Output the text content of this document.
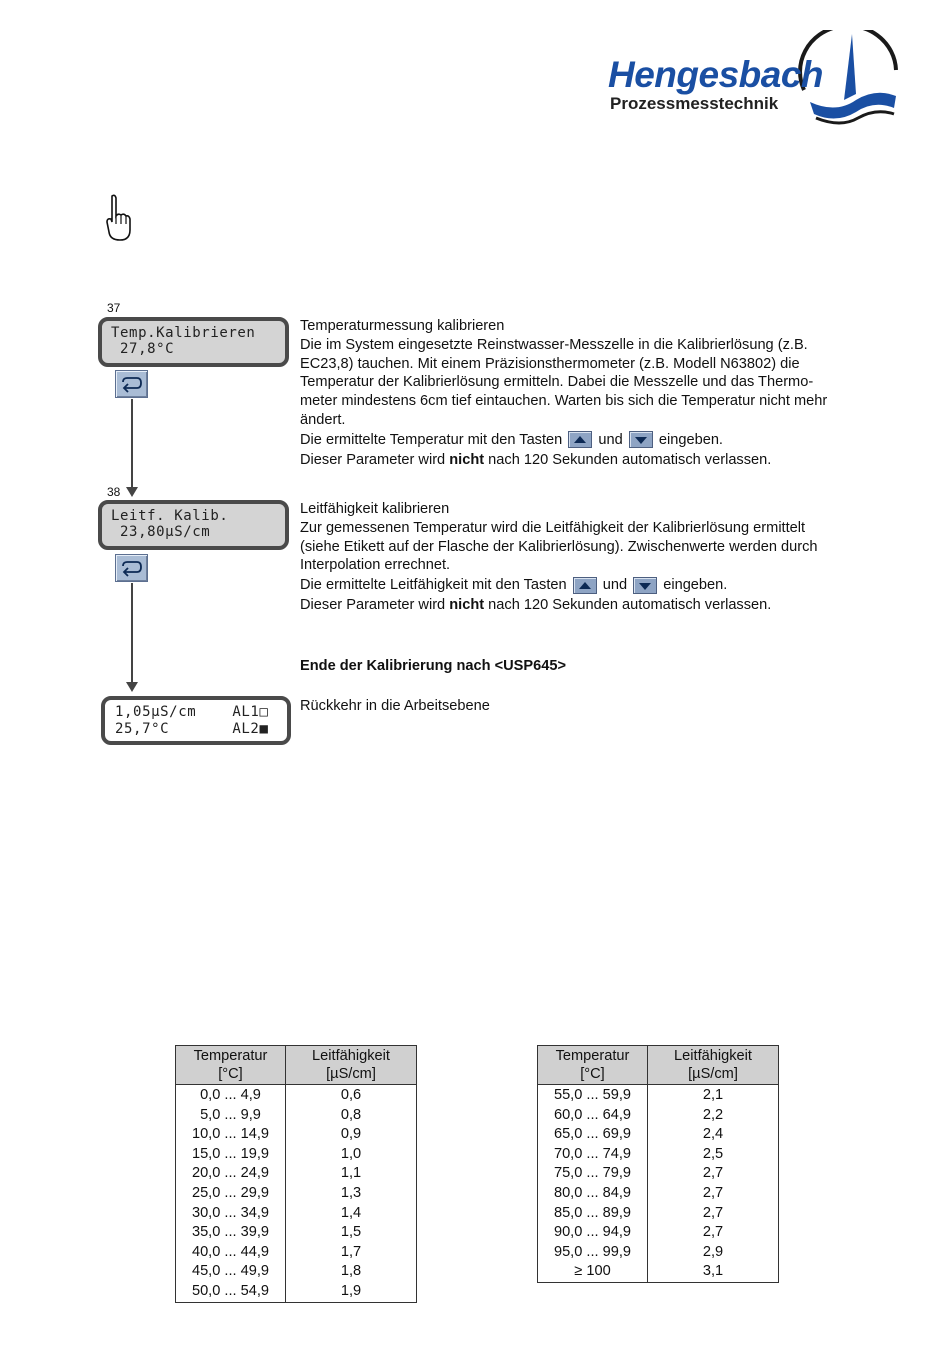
Hengesbach
Prozessmesstechnik
37
Temp.Kalibrieren
27,8°C
Temperaturmessung kalibrieren
Die im System eingesetzte Reinstwasser-Messzelle in die Kalibrierlösung (z.B.
EC23,8) tauchen. Mit einem Präzisionsthermometer (z.B. Modell N63802) die
Temperatur der Kalibrierlösung ermitteln. Dabei die Messzelle und das Thermo-
meter mindestens 6cm tief eintauchen. Warten bis sich die Temperatur nicht mehr
ändert.
Die ermittelte Temperatur mit den Tasten und eingeben.
Dieser Parameter wird nicht nach 120 Sekunden automatisch verlassen.
38
Leitf. Kalib.
23,80µS/cm
Leitfähigkeit kalibrieren
Zur gemessenen Temperatur wird die Leitfähigkeit der Kalibrierlösung ermittelt
(siehe Etikett auf der Flasche der Kalibrierlösung). Zwischenwerte werden durch
Interpolation errechnet.
Die ermittelte Leitfähigkeit mit den Tasten und eingeben.
Dieser Parameter wird nicht nach 120 Sekunden automatisch verlassen.
Ende der Kalibrierung nach <USP645>
1,05µS/cm    AL1□
25,7°C       AL2■
Rückkehr in die Arbeitsebene
Temperatur
[°C]	Leitfähigkeit
[µS/cm]
0,0 ... 4,9	0,6
5,0 ... 9,9	0,8
10,0 ... 14,9	0,9
15,0 ... 19,9	1,0
20,0 ... 24,9	1,1
25,0 ... 29,9	1,3
30,0 ... 34,9	1,4
35,0 ... 39,9	1,5
40,0 ... 44,9	1,7
45,0 ... 49,9	1,8
50,0 ... 54,9	1,9
Temperatur
[°C]	Leitfähigkeit
[µS/cm]
55,0 ... 59,9	2,1
60,0 ... 64,9	2,2
65,0 ... 69,9	2,4
70,0 ... 74,9	2,5
75,0 ... 79,9	2,7
80,0 ... 84,9	2,7
85,0 ... 89,9	2,7
90,0 ... 94,9	2,7
95,0 ... 99,9	2,9
≥ 100	3,1
